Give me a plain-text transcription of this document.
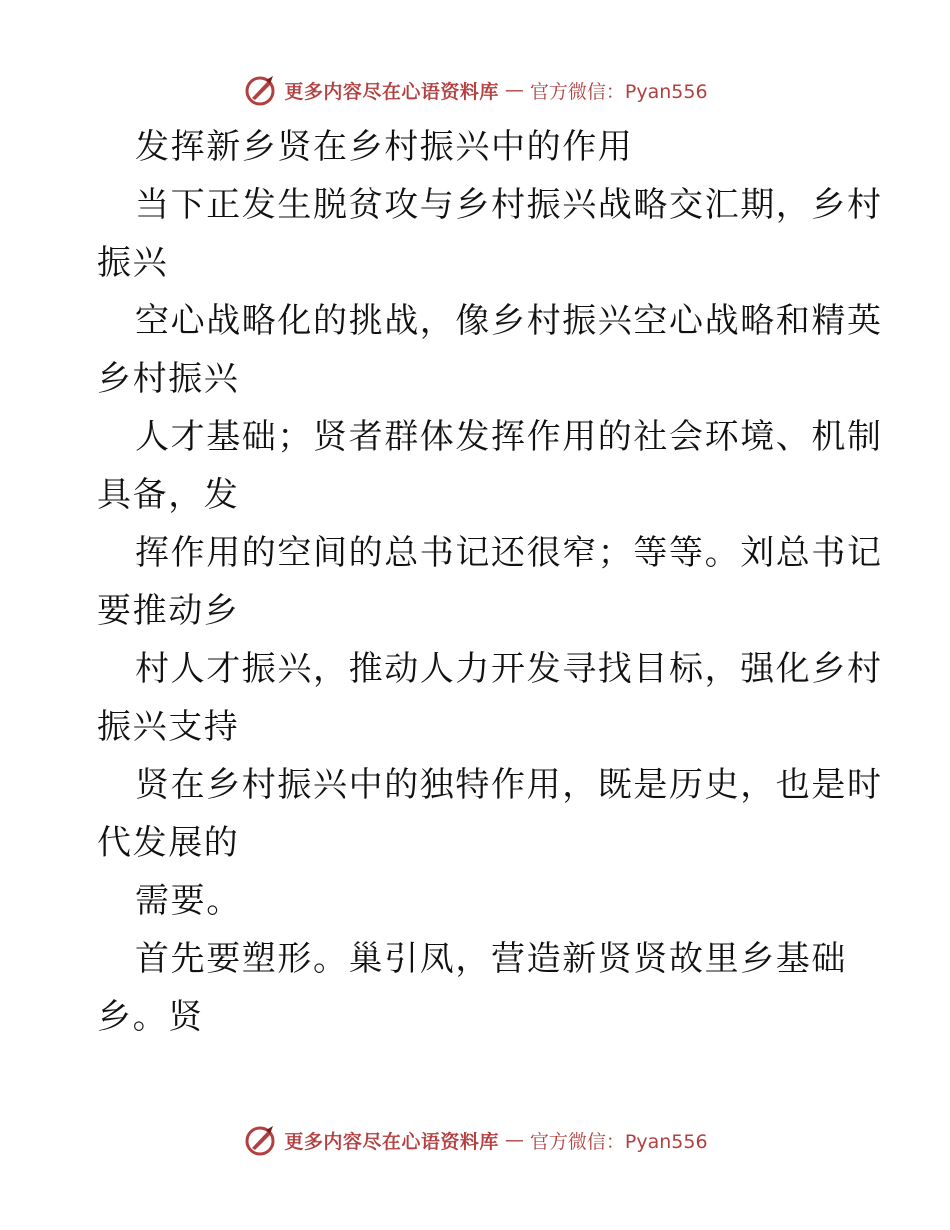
更多内容尽在心语资料库 — 官方微信：Pyan556
发挥新乡贤在乡村振兴中的作用
当下正发生脱贫攻与乡村振兴战略交汇期，乡村
振兴
空心战略化的挑战，像乡村振兴空心战略和精英
乡村振兴
人才基础；贤者群体发挥作用的社会环境、机制
具备，发
挥作用的空间的总书记还很窄；等等。刘总书记
要推动乡
村人才振兴，推动人力开发寻找目标，强化乡村
振兴支持
贤在乡村振兴中的独特作用，既是历史，也是时
代发展的
需要。
首先要塑形。巢引凤，营造新贤贤故里乡基础
乡。贤
更多内容尽在心语资料库 — 官方微信：Pyan556
